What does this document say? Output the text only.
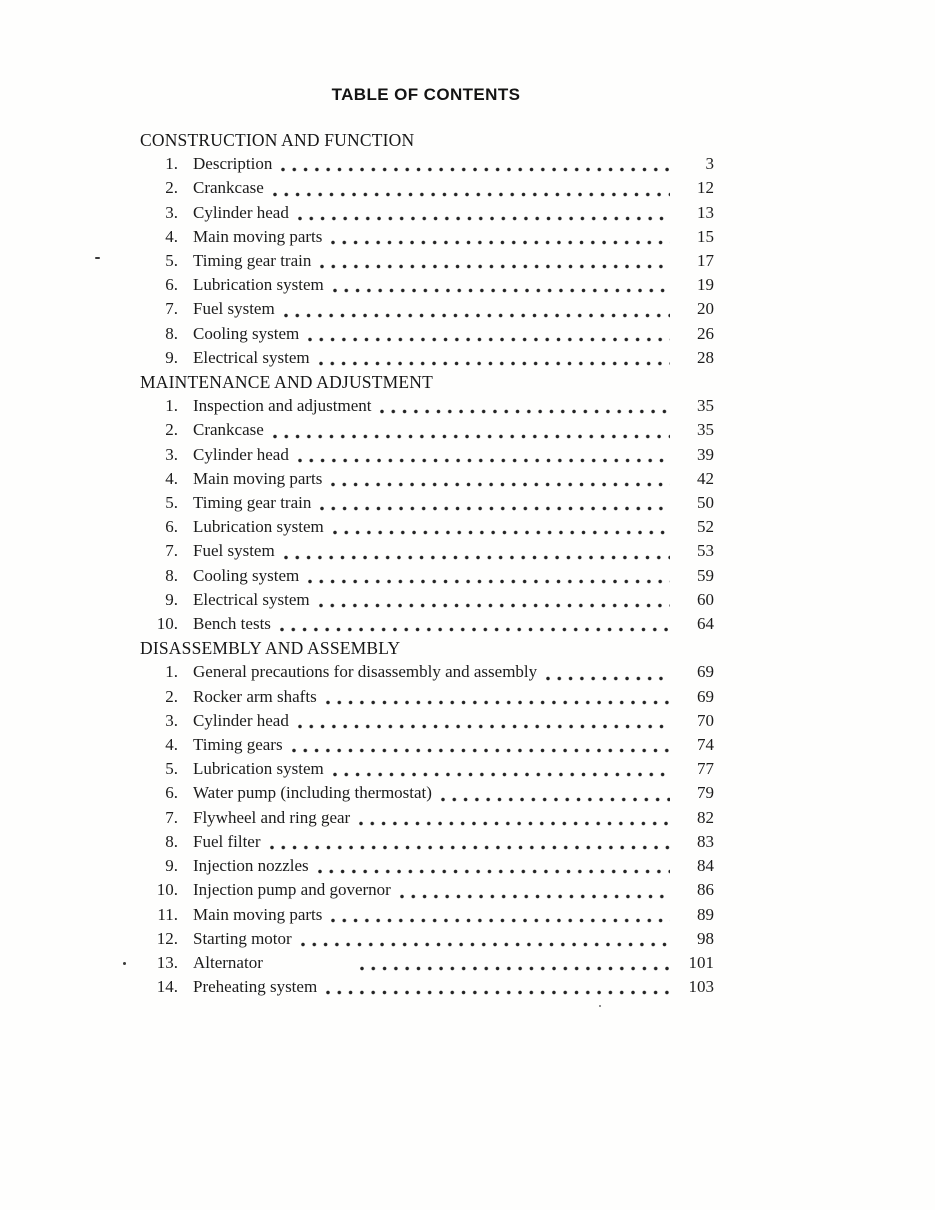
TABLE OF CONTENTS
CONSTRUCTION AND FUNCTION
1. Description	3
2. Crankcase	12
3. Cylinder head	13
4. Main moving parts	15
5. Timing gear train	17
6. Lubrication system	19
7. Fuel system	20
8. Cooling system	26
9. Electrical system	28
MAINTENANCE AND ADJUSTMENT
1. Inspection and adjustment	35
2. Crankcase	35
3. Cylinder head	39
4. Main moving parts	42
5. Timing gear train	50
6. Lubrication system	52
7. Fuel system	53
8. Cooling system	59
9. Electrical system	60
10. Bench tests	64
DISASSEMBLY AND ASSEMBLY
1. General precautions for disassembly and assembly	69
2. Rocker arm shafts	69
3. Cylinder head	70
4. Timing gears	74
5. Lubrication system	77
6. Water pump (including thermostat)	79
7. Flywheel and ring gear	82
8. Fuel filter	83
9. Injection nozzles	84
10. Injection pump and governor	86
11. Main moving parts	89
12. Starting motor	98
13. Alternator	101
14. Preheating system	103
